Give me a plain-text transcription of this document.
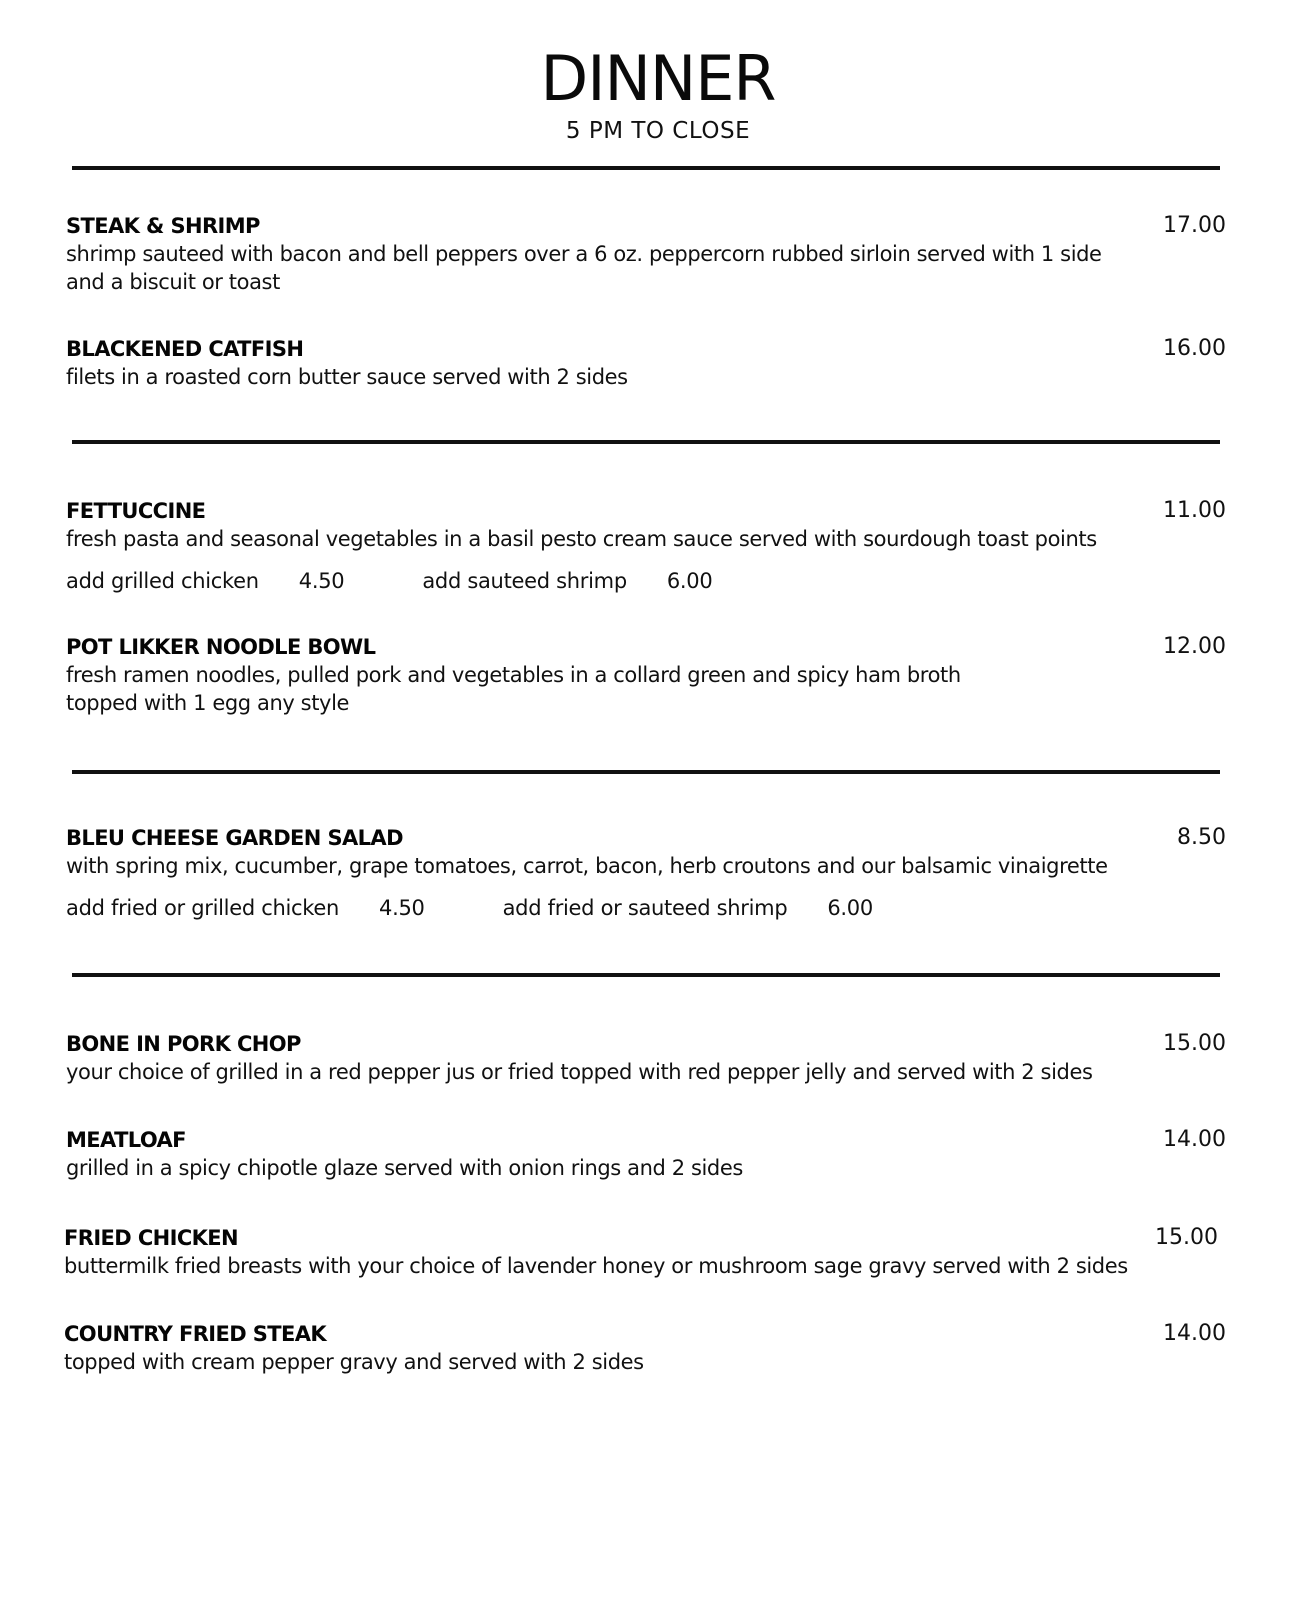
DINNER
5 PM TO CLOSE
STEAK & SHRIMP
shrimp sauteed with bacon and bell peppers over a 6 oz. peppercorn rubbed sirloin served with 1 side and a biscuit or toast
17.00
BLACKENED CATFISH
filets in a roasted corn butter sauce served with 2 sides
16.00
FETTUCCINE
fresh pasta and seasonal vegetables in a basil pesto cream sauce served with sourdough toast points
add grilled chicken 4.50	add sauteed shrimp 6.00
11.00
POT LIKKER NOODLE BOWL
fresh ramen noodles, pulled pork and vegetables in a collard green and spicy ham broth
topped with 1 egg any style
12.00
BLEU CHEESE GARDEN SALAD
with spring mix, cucumber, grape tomatoes, carrot, bacon, herb croutons and our balsamic vinaigrette
add fried or grilled chicken 4.50	add fried or sauteed shrimp 6.00
8.50
BONE IN PORK CHOP
your choice of grilled in a red pepper jus or fried topped with red pepper jelly and served with 2 sides
15.00
MEATLOAF
grilled in a spicy chipotle glaze served with onion rings and 2 sides
14.00
FRIED CHICKEN
buttermilk fried breasts with your choice of lavender honey or mushroom sage gravy served with 2 sides
15.00
COUNTRY FRIED STEAK
topped with cream pepper gravy and served with 2 sides
14.00
